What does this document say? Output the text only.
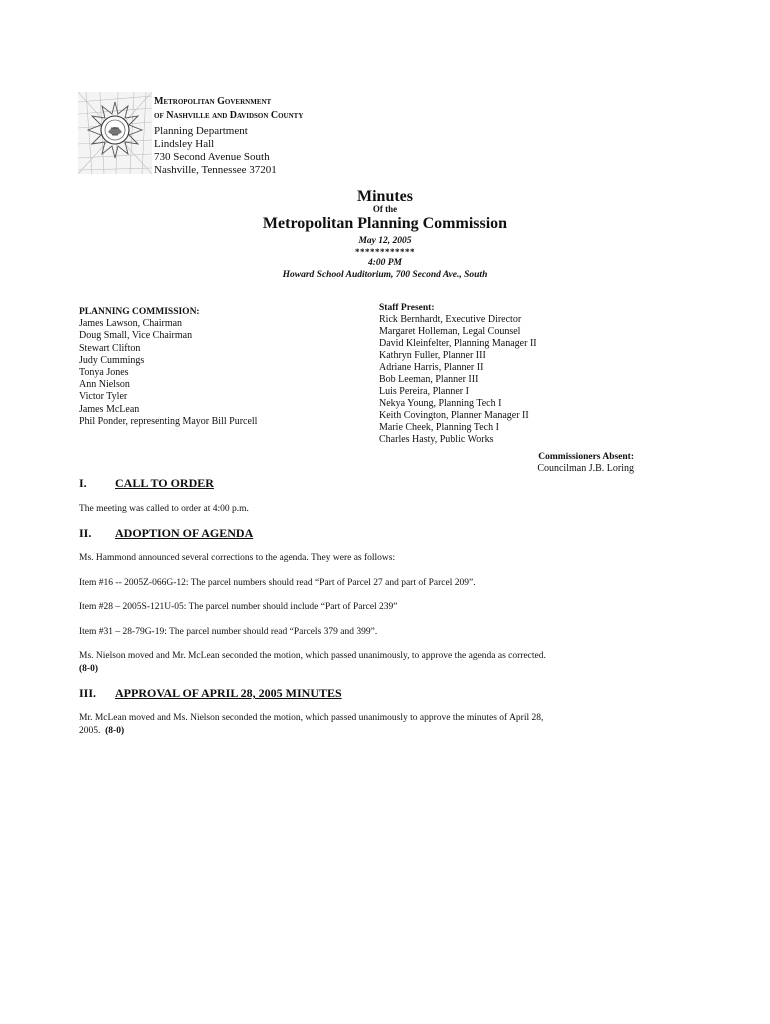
Metropolitan Government
of Nashville and Davidson County
Planning Department
Lindsley Hall
730 Second Avenue South
Nashville, Tennessee 37201
Minutes
Of the
Metropolitan Planning Commission
May 12, 2005
************
4:00 PM
Howard School Auditorium, 700 Second Ave., South
PLANNING COMMISSION:
James Lawson, Chairman
Doug Small, Vice Chairman
Stewart Clifton
Judy Cummings
Tonya Jones
Ann Nielson
Victor Tyler
James McLean
Phil Ponder, representing Mayor Bill Purcell
Staff Present:
Rick Bernhardt, Executive Director
Margaret Holleman, Legal Counsel
David Kleinfelter, Planning Manager II
Kathryn Fuller, Planner III
Adriane Harris, Planner II
Bob Leeman, Planner III
Luis Pereira, Planner I
Nekya Young, Planning Tech I
Keith Covington, Planner Manager II
Marie Cheek, Planning Tech I
Charles Hasty, Public Works
Commissioners Absent:
Councilman J.B. Loring
I. CALL TO ORDER
The meeting was called to order at 4:00 p.m.
II. ADOPTION OF AGENDA
Ms. Hammond announced several corrections to the agenda. They were as follows:
Item #16 -- 2005Z-066G-12: The parcel numbers should read “Part of Parcel 27 and part of Parcel 209”.
Item #28 – 2005S-121U-05: The parcel number should include “Part of Parcel 239”
Item #31 – 28-79G-19: The parcel number should read “Parcels 379 and 399”.
Ms. Nielson moved and Mr. McLean seconded the motion, which passed unanimously, to approve the agenda as corrected.  (8-0)
III. APPROVAL OF APRIL 28, 2005 MINUTES
Mr. McLean moved and Ms. Nielson seconded the motion, which passed unanimously to approve the minutes of April 28, 2005. (8-0)
